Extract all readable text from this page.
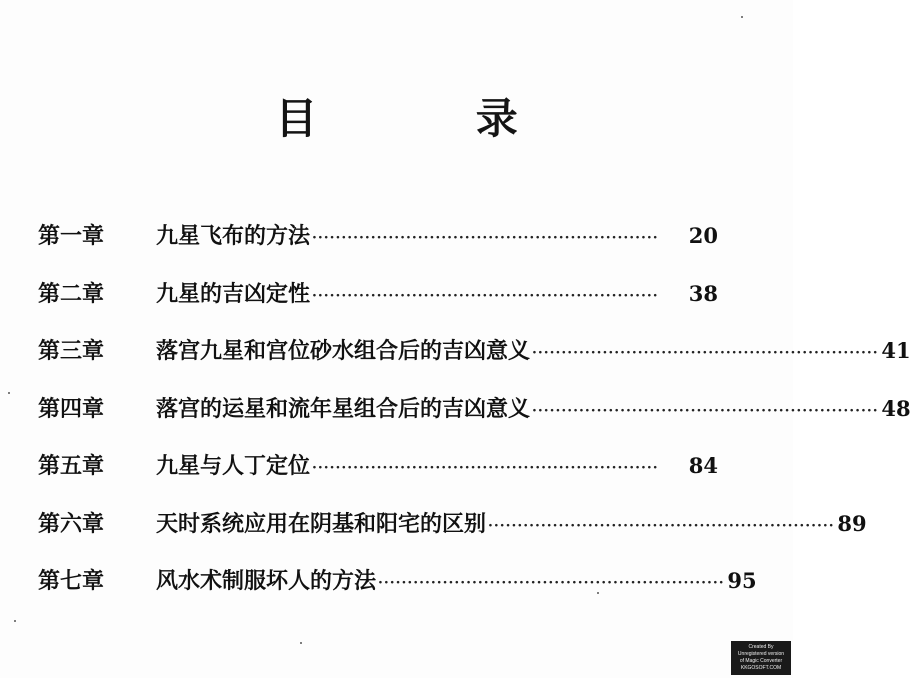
目 录
第一章	九星飞布的方法 ···························································	20
第二章	九星的吉凶定性 ···························································	38
第三章	落宫九星和宫位砂水组合后的吉凶意义 ··························································· 41
第四章	落宫的运星和流年星组合后的吉凶意义 ··························································· 48
第五章	九星与人丁定位 ···························································	84
第六章	天时系统应用在阴基和阳宅的区别 ··························································· 89
第七章	风水术制服坏人的方法 ··························································· 95
Created By
Unregistered version
of Magic Converter
KKGOSOFT.COM
